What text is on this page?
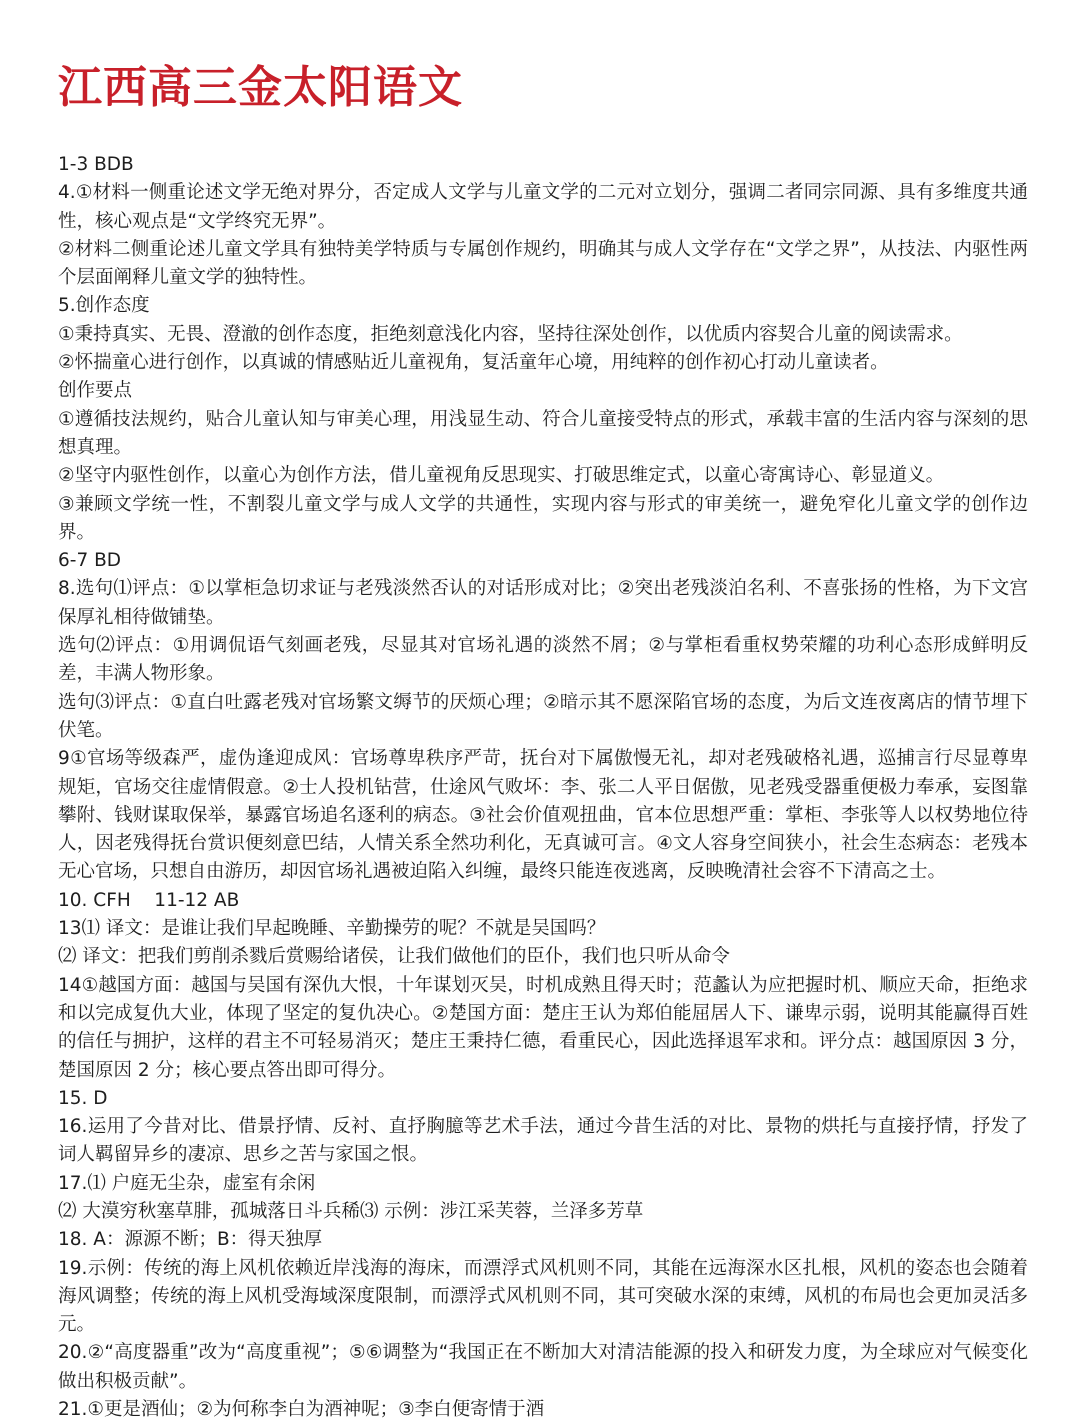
江西高三金太阳语文

1-3 BDB

4.①材料一侧重论述文学无绝对界分，否定成人文学与儿童文学的二元对立划分，强调二者同宗同源、具有多维度共通性，核心观点是“文学终究无界”。

②材料二侧重论述儿童文学具有独特美学特质与专属创作规约，明确其与成人文学存在“文学之界”，从技法、内驱性两个层面阐释儿童文学的独特性。

5.创作态度

①秉持真实、无畏、澄澈的创作态度，拒绝刻意浅化内容，坚持往深处创作，以优质内容契合儿童的阅读需求。

②怀揣童心进行创作，以真诚的情感贴近儿童视角，复活童年心境，用纯粹的创作初心打动儿童读者。

创作要点

①遵循技法规约，贴合儿童认知与审美心理，用浅显生动、符合儿童接受特点的形式，承载丰富的生活内容与深刻的思想真理。

②坚守内驱性创作，以童心为创作方法，借儿童视角反思现实、打破思维定式，以童心寄寓诗心、彰显道义。

③兼顾文学统一性，不割裂儿童文学与成人文学的共通性，实现内容与形式的审美统一，避免窄化儿童文学的创作边界。

6-7 BD

8.选句⑴评点：①以掌柜急切求证与老残淡然否认的对话形成对比；②突出老残淡泊名利、不喜张扬的性格，为下文宫保厚礼相待做铺垫。

选句⑵评点：①用调侃语气刻画老残，尽显其对官场礼遇的淡然不屑；②与掌柜看重权势荣耀的功利心态形成鲜明反差，丰满人物形象。

选句⑶评点：①直白吐露老残对官场繁文缛节的厌烦心理；②暗示其不愿深陷官场的态度，为后文连夜离店的情节埋下伏笔。

9①官场等级森严，虚伪逢迎成风：官场尊卑秩序严苛，抚台对下属傲慢无礼，却对老残破格礼遇，巡捕言行尽显尊卑规矩，官场交往虚情假意。②士人投机钻营，仕途风气败坏：李、张二人平日倨傲，见老残受器重便极力奉承，妄图靠攀附、钱财谋取保举，暴露官场追名逐利的病态。③社会价值观扭曲，官本位思想严重：掌柜、李张等人以权势地位待人，因老残得抚台赏识便刻意巴结，人情关系全然功利化，无真诚可言。④文人容身空间狭小，社会生态病态：老残本无心官场，只想自由游历，却因官场礼遇被迫陷入纠缠，最终只能连夜逃离，反映晚清社会容不下清高之士。

10. CFH    11-12 AB

13⑴ 译文：是谁让我们早起晚睡、辛勤操劳的呢？不就是吴国吗？

⑵ 译文：把我们剪削杀戮后赏赐给诸侯，让我们做他们的臣仆，我们也只听从命令

14①越国方面：越国与吴国有深仇大恨，十年谋划灭吴，时机成熟且得天时；范蠡认为应把握时机、顺应天命，拒绝求和以完成复仇大业，体现了坚定的复仇决心。②楚国方面：楚庄王认为郑伯能屈居人下、谦卑示弱，说明其能赢得百姓的信任与拥护，这样的君主不可轻易消灭；楚庄王秉持仁德，看重民心，因此选择退军求和。评分点：越国原因 3 分，楚国原因 2 分；核心要点答出即可得分。

15. D

16.运用了今昔对比、借景抒情、反衬、直抒胸臆等艺术手法，通过今昔生活的对比、景物的烘托与直接抒情，抒发了词人羁留异乡的凄凉、思乡之苦与家国之恨。

17.⑴ 户庭无尘杂，虚室有余闲

⑵ 大漠穷秋塞草腓，孤城落日斗兵稀⑶ 示例：涉江采芙蓉，兰泽多芳草

18. A：源源不断；B：得天独厚

19.示例：传统的海上风机依赖近岸浅海的海床，而漂浮式风机则不同，其能在远海深水区扎根，风机的姿态也会随着海风调整；传统的海上风机受海域深度限制，而漂浮式风机则不同，其可突破水深的束缚，风机的布局也会更加灵活多元。

20.②“高度器重”改为“高度重视”；⑤⑥调整为“我国正在不断加大对清洁能源的投入和研发力度，为全球应对气候变化做出积极贡献”。

21.①更是酒仙；②为何称李白为酒神呢；③李白便寄情于酒
